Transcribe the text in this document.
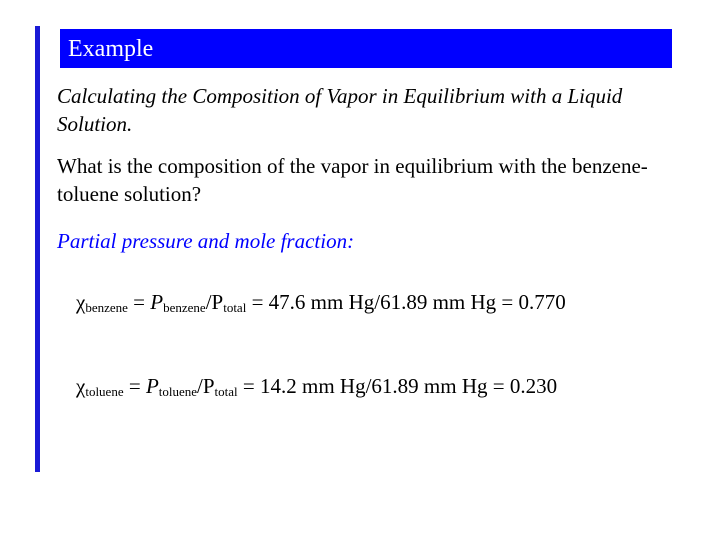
Example
Calculating the Composition of Vapor in Equilibrium with a Liquid Solution.
What is the composition of the vapor in equilibrium with the benzene-toluene solution?
Partial pressure and mole fraction:
$\chi_{benzene} = P_{benzene}/P_{total} = 47.6$ mm Hg/61.89 mm Hg = 0.770
$\chi_{toluene} = P_{toluene}/P_{total} = 14.2$ mm Hg/61.89 mm Hg = 0.230
